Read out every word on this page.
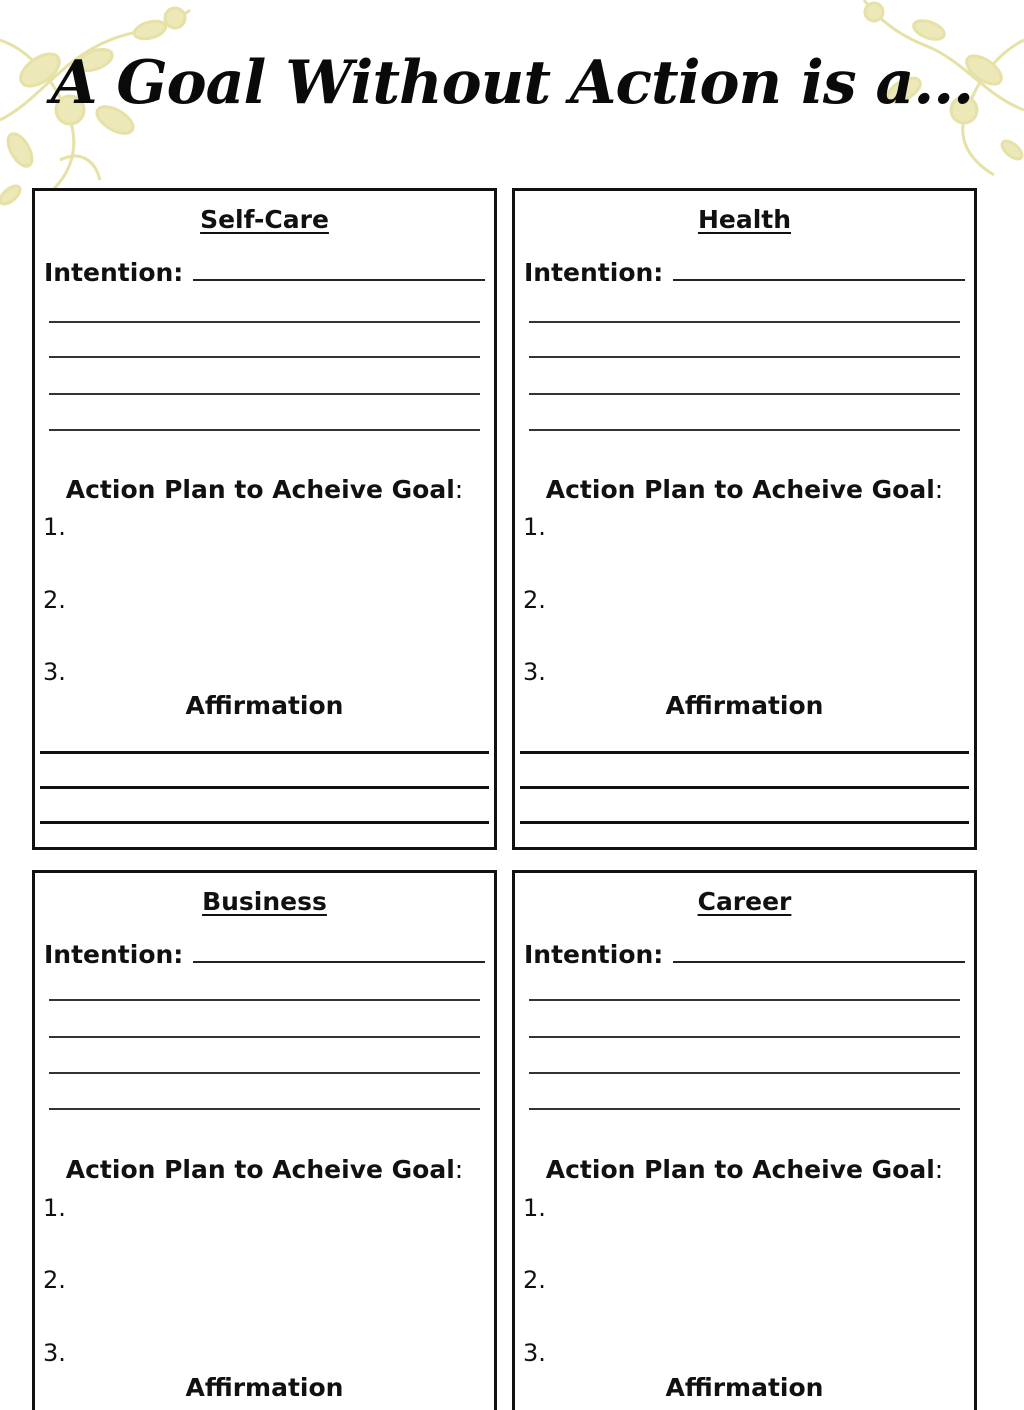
A Goal Without Action is a...
Self-Care
Intention:
Action Plan to Acheive Goal:
1.
2.
3.
Affirmation
Health
Intention:
Action Plan to Acheive Goal:
1.
2.
3.
Affirmation
Business
Intention:
Action Plan to Acheive Goal:
1.
2.
3.
Affirmation
Career
Intention:
Action Plan to Acheive Goal:
1.
2.
3.
Affirmation
